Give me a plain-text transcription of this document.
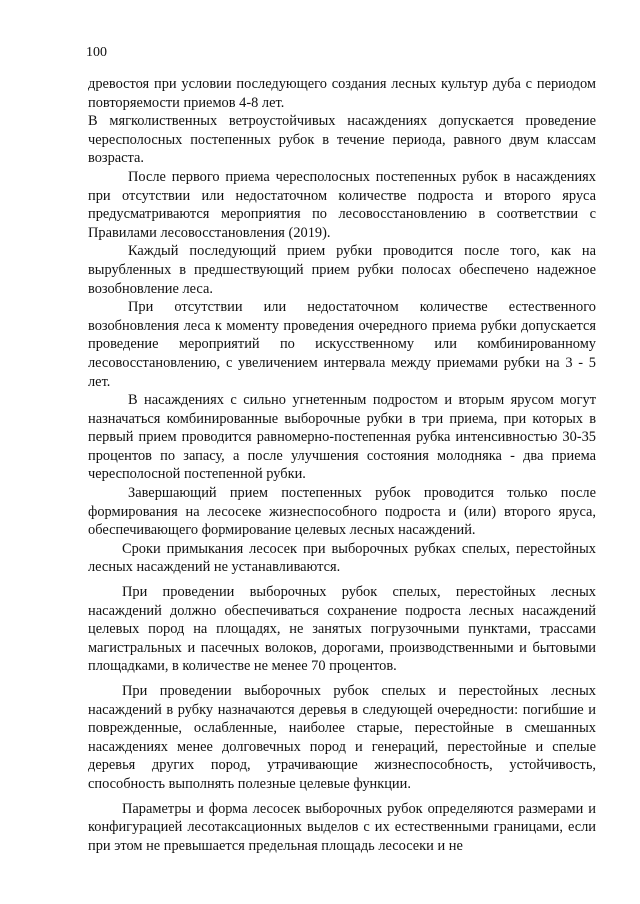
100

древостоя при условии последующего создания лесных культур дуба с периодом повторяемости приемов 4-8 лет.

В мягколиственных ветроустойчивых насаждениях допускается проведение чересполосных постепенных рубок в течение периода, равного двум классам возраста.

После первого приема чересполосных постепенных рубок в насаждениях при отсутствии или недостаточном количестве подроста и второго яруса предусматриваются мероприятия по лесовосстановлению в соответствии с Правилами лесовосстановления (2019).

Каждый последующий прием рубки проводится после того, как на вырубленных в предшествующий прием рубки полосах обеспечено надежное возобновление леса.

При отсутствии или недостаточном количестве естественного возобновления леса к моменту проведения очередного приема рубки допускается проведение мероприятий по искусственному или комбинированному лесовосстановлению, с увеличением интервала между приемами рубки на 3 - 5 лет.

В насаждениях с сильно угнетенным подростом и вторым ярусом могут назначаться комбинированные выборочные рубки в три приема, при которых в первый прием проводится равномерно-постепенная рубка интенсивностью 30-35 процентов по запасу, а после улучшения состояния молодняка - два приема чересполосной постепенной рубки.

Завершающий прием постепенных рубок проводится только после формирования на лесосеке жизнеспособного подроста и (или) второго яруса, обеспечивающего формирование целевых лесных насаждений.

Сроки примыкания лесосек при выборочных рубках спелых, перестойных лесных насаждений не устанавливаются.

При проведении выборочных рубок спелых, перестойных лесных насаждений должно обеспечиваться сохранение подроста лесных насаждений целевых пород на площадях, не занятых погрузочными пунктами, трассами магистральных и пасечных волоков, дорогами, производственными и бытовыми площадками, в количестве не менее 70 процентов.

При проведении выборочных рубок спелых и перестойных лесных насаждений в рубку назначаются деревья в следующей очередности: погибшие и поврежденные, ослабленные, наиболее старые, перестойные в смешанных насаждениях менее долговечных пород и генераций, перестойные и спелые деревья других пород, утрачивающие жизнеспособность, устойчивость, способность выполнять полезные целевые функции.

Параметры и форма лесосек выборочных рубок определяются размерами и конфигурацией лесотаксационных выделов с их естественными границами, если при этом не превышается предельная площадь лесосеки и не
